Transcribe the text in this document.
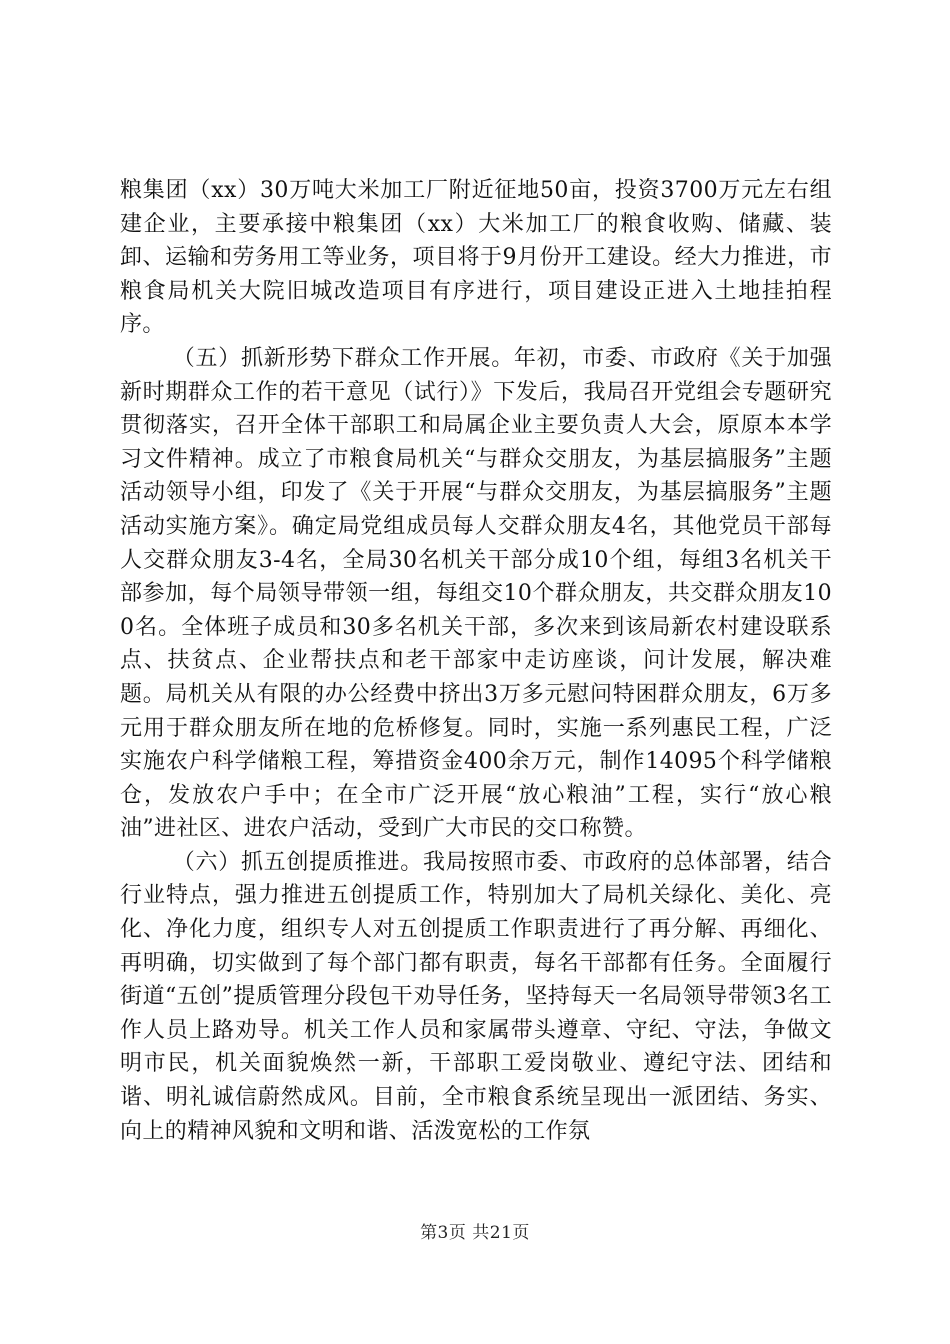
粮集团（xx）30万吨大米加工厂附近征地50亩，投资3700万元左右组建企业，主要承接中粮集团（xx）大米加工厂的粮食收购、储藏、装卸、运输和劳务用工等业务，项目将于9月份开工建设。经大力推进，市粮食局机关大院旧城改造项目有序进行，项目建设正进入土地挂拍程序。

（五）抓新形势下群众工作开展。年初，市委、市政府《关于加强新时期群众工作的若干意见（试行）》下发后，我局召开党组会专题研究贯彻落实，召开全体干部职工和局属企业主要负责人大会，原原本本学习文件精神。成立了市粮食局机关“与群众交朋友，为基层搞服务”主题活动领导小组，印发了《关于开展“与群众交朋友，为基层搞服务”主题活动实施方案》。确定局党组成员每人交群众朋友4名，其他党员干部每人交群众朋友3-4名，全局30名机关干部分成10个组，每组3名机关干部参加，每个局领导带领一组，每组交10个群众朋友，共交群众朋友100名。全体班子成员和30多名机关干部，多次来到该局新农村建设联系点、扶贫点、企业帮扶点和老干部家中走访座谈，问计发展，解决难题。局机关从有限的办公经费中挤出3万多元慰问特困群众朋友，6万多元用于群众朋友所在地的危桥修复。同时，实施一系列惠民工程，广泛实施农户科学储粮工程，筹措资金400余万元，制作14095个科学储粮仓，发放农户手中；在全市广泛开展“放心粮油”工程，实行“放心粮油”进社区、进农户活动，受到广大市民的交口称赞。

（六）抓五创提质推进。我局按照市委、市政府的总体部署，结合行业特点，强力推进五创提质工作，特别加大了局机关绿化、美化、亮化、净化力度，组织专人对五创提质工作职责进行了再分解、再细化、再明确，切实做到了每个部门都有职责，每名干部都有任务。全面履行街道“五创”提质管理分段包干劝导任务，坚持每天一名局领导带领3名工作人员上路劝导。机关工作人员和家属带头遵章、守纪、守法，争做文明市民，机关面貌焕然一新，干部职工爱岗敬业、遵纪守法、团结和谐、明礼诚信蔚然成风。目前，全市粮食系统呈现出一派团结、务实、向上的精神风貌和文明和谐、活泼宽松的工作氛

第3页 共21页
